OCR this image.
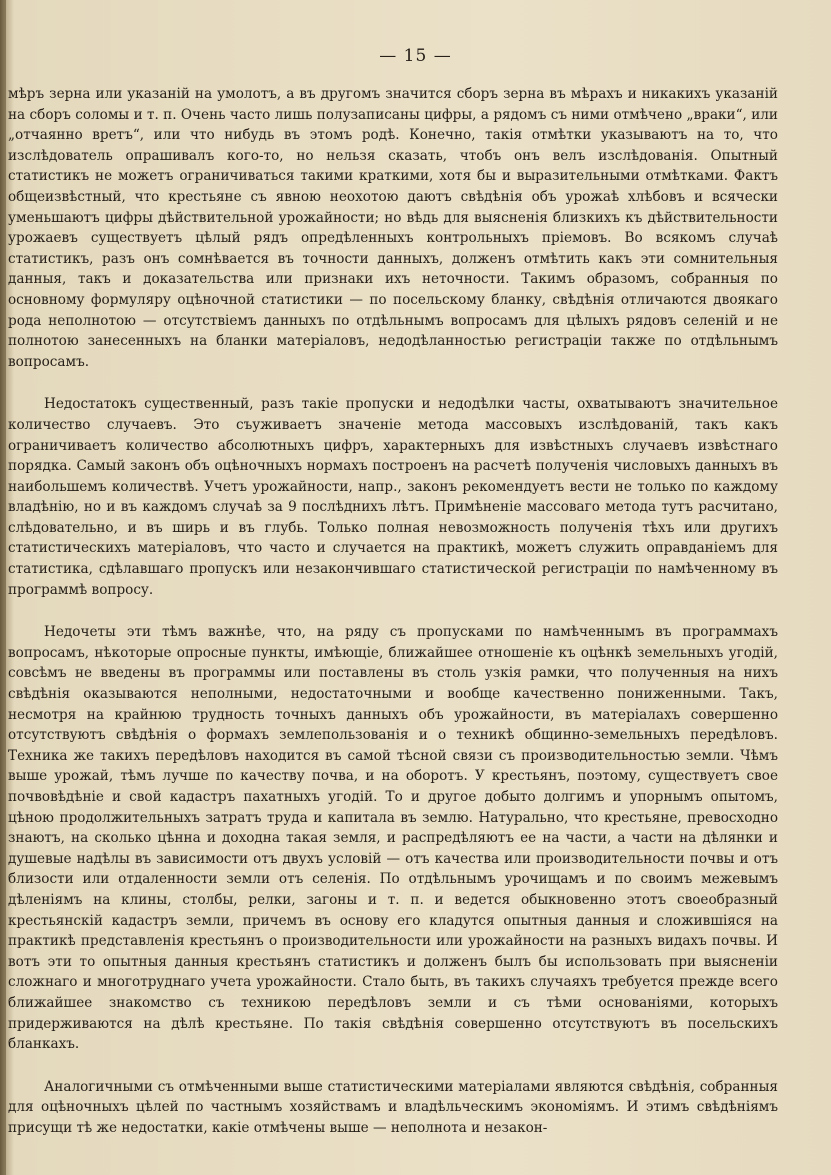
— 15 —

мѣръ зерна или указаній на умолотъ, а въ другомъ значится сборъ зерна въ мѣрахъ и никакихъ указаній на сборъ соломы и т. п. Очень часто лишь полузаписаны цифры, а рядомъ съ ними отмѣчено „враки“, или „отчаянно вретъ“, или что нибудь въ этомъ родѣ. Конечно, такія отмѣтки указываютъ на то, что изслѣдователь опрашивалъ кого-то, но нельзя сказать, чтобъ онъ велъ изслѣдованія. Опытный статистикъ не можетъ ограничиваться такими краткими, хотя бы и выразительными отмѣтками. Фактъ общеизвѣстный, что крестьяне съ явною неохотою даютъ свѣдѣнія объ урожаѣ хлѣбовъ и всячески уменьшаютъ цифры дѣйствительной урожайности; но вѣдь для выясненія близкихъ къ дѣйствительности урожаевъ существуетъ цѣлый рядъ опредѣленныхъ контрольныхъ пріемовъ. Во всякомъ случаѣ статистикъ, разъ онъ сомнѣвается въ точности данныхъ, долженъ отмѣтить какъ эти сомнительныя данныя, такъ и доказательства или признаки ихъ неточности. Такимъ образомъ, собранныя по основному формуляру оцѣночной статистики — по посельскому бланку, свѣдѣнія отличаются двоякаго рода неполнотою — отсутствіемъ данныхъ по отдѣльнымъ вопросамъ для цѣлыхъ рядовъ селеній и не полнотою занесенныхъ на бланки матеріаловъ, недодѣланностью регистраціи также по отдѣльнымъ вопросамъ.

Недостатокъ существенный, разъ такіе пропуски и недодѣлки часты, охватываютъ значительное количество случаевъ. Это съуживаетъ значеніе метода массовыхъ изслѣдованій, такъ какъ ограничиваетъ количество абсолютныхъ цифръ, характерныхъ для извѣстныхъ случаевъ извѣстнаго порядка. Самый законъ объ оцѣночныхъ нормахъ построенъ на расчетѣ полученія числовыхъ данныхъ въ наибольшемъ количествѣ. Учетъ урожайности, напр., законъ рекомендуетъ вести не только по каждому владѣнію, но и въ каждомъ случаѣ за 9 послѣднихъ лѣтъ. Примѣненіе массоваго метода тутъ расчитано, слѣдовательно, и въ ширь и въ глубь. Только полная невозможность полученія тѣхъ или другихъ статистическихъ матеріаловъ, что часто и случается на практикѣ, можетъ служить оправданіемъ для статистика, сдѣлавшаго пропускъ или незакончившаго статистической регистраціи по намѣченному въ программѣ вопросу.

Недочеты эти тѣмъ важнѣе, что, на ряду съ пропусками по намѣченнымъ въ программахъ вопросамъ, нѣкоторые опросные пункты, имѣющіе, ближайшее отношеніе къ оцѣнкѣ земельныхъ угодій, совсѣмъ не введены въ программы или поставлены въ столь узкія рамки, что полученныя на нихъ свѣдѣнія оказываются неполными, недостаточными и вообще качественно пониженными. Такъ, несмотря на крайнюю трудность точныхъ данныхъ объ урожайности, въ матеріалахъ совершенно отсутствуютъ свѣдѣнія о формахъ землепользованія и о техникѣ общинно-земельныхъ передѣловъ. Техника же такихъ передѣловъ находится въ самой тѣсной связи съ производительностью земли. Чѣмъ выше урожай, тѣмъ лучше по качеству почва, и на оборотъ. У крестьянъ, поэтому, существуетъ свое почвовѣдѣніе и свой кадастръ пахатныхъ угодій. То и другое добыто долгимъ и упорнымъ опытомъ, цѣною продолжительныхъ затратъ труда и капитала въ землю. Натурально, что крестьяне, превосходно знаютъ, на сколько цѣнна и доходна такая земля, и распредѣляютъ ее на части, а части на дѣлянки и душевые надѣлы въ зависимости отъ двухъ условій — отъ качества или производительности почвы и отъ близости или отдаленности земли отъ селенія. По отдѣльнымъ урочищамъ и по своимъ межевымъ дѣленіямъ на клины, столбы, релки, загоны и т. п. и ведется обыкновенно этотъ своеобразный крестьянскій кадастръ земли, причемъ въ основу его кладутся опытныя данныя и сложившіяся на практикѣ представленія крестьянъ о производительности или урожайности на разныхъ видахъ почвы. И вотъ эти то опытныя данныя крестьянъ статистикъ и долженъ былъ бы использовать при выясненіи сложнаго и многотруднаго учета урожайности. Стало быть, въ такихъ случаяхъ требуется прежде всего ближайшее знакомство съ техникою передѣловъ земли и съ тѣми основаніями, которыхъ придерживаются на дѣлѣ крестьяне. По такія свѣдѣнія совершенно отсутствуютъ въ посельскихъ бланкахъ.

Аналогичными съ отмѣченными выше статистическими матеріалами являются свѣдѣнія, собранныя для оцѣночныхъ цѣлей по частнымъ хозяйствамъ и владѣльческимъ экономіямъ. И этимъ свѣдѣніямъ присущи тѣ же недостатки, какіе отмѣчены выше — неполнота и незакон-
